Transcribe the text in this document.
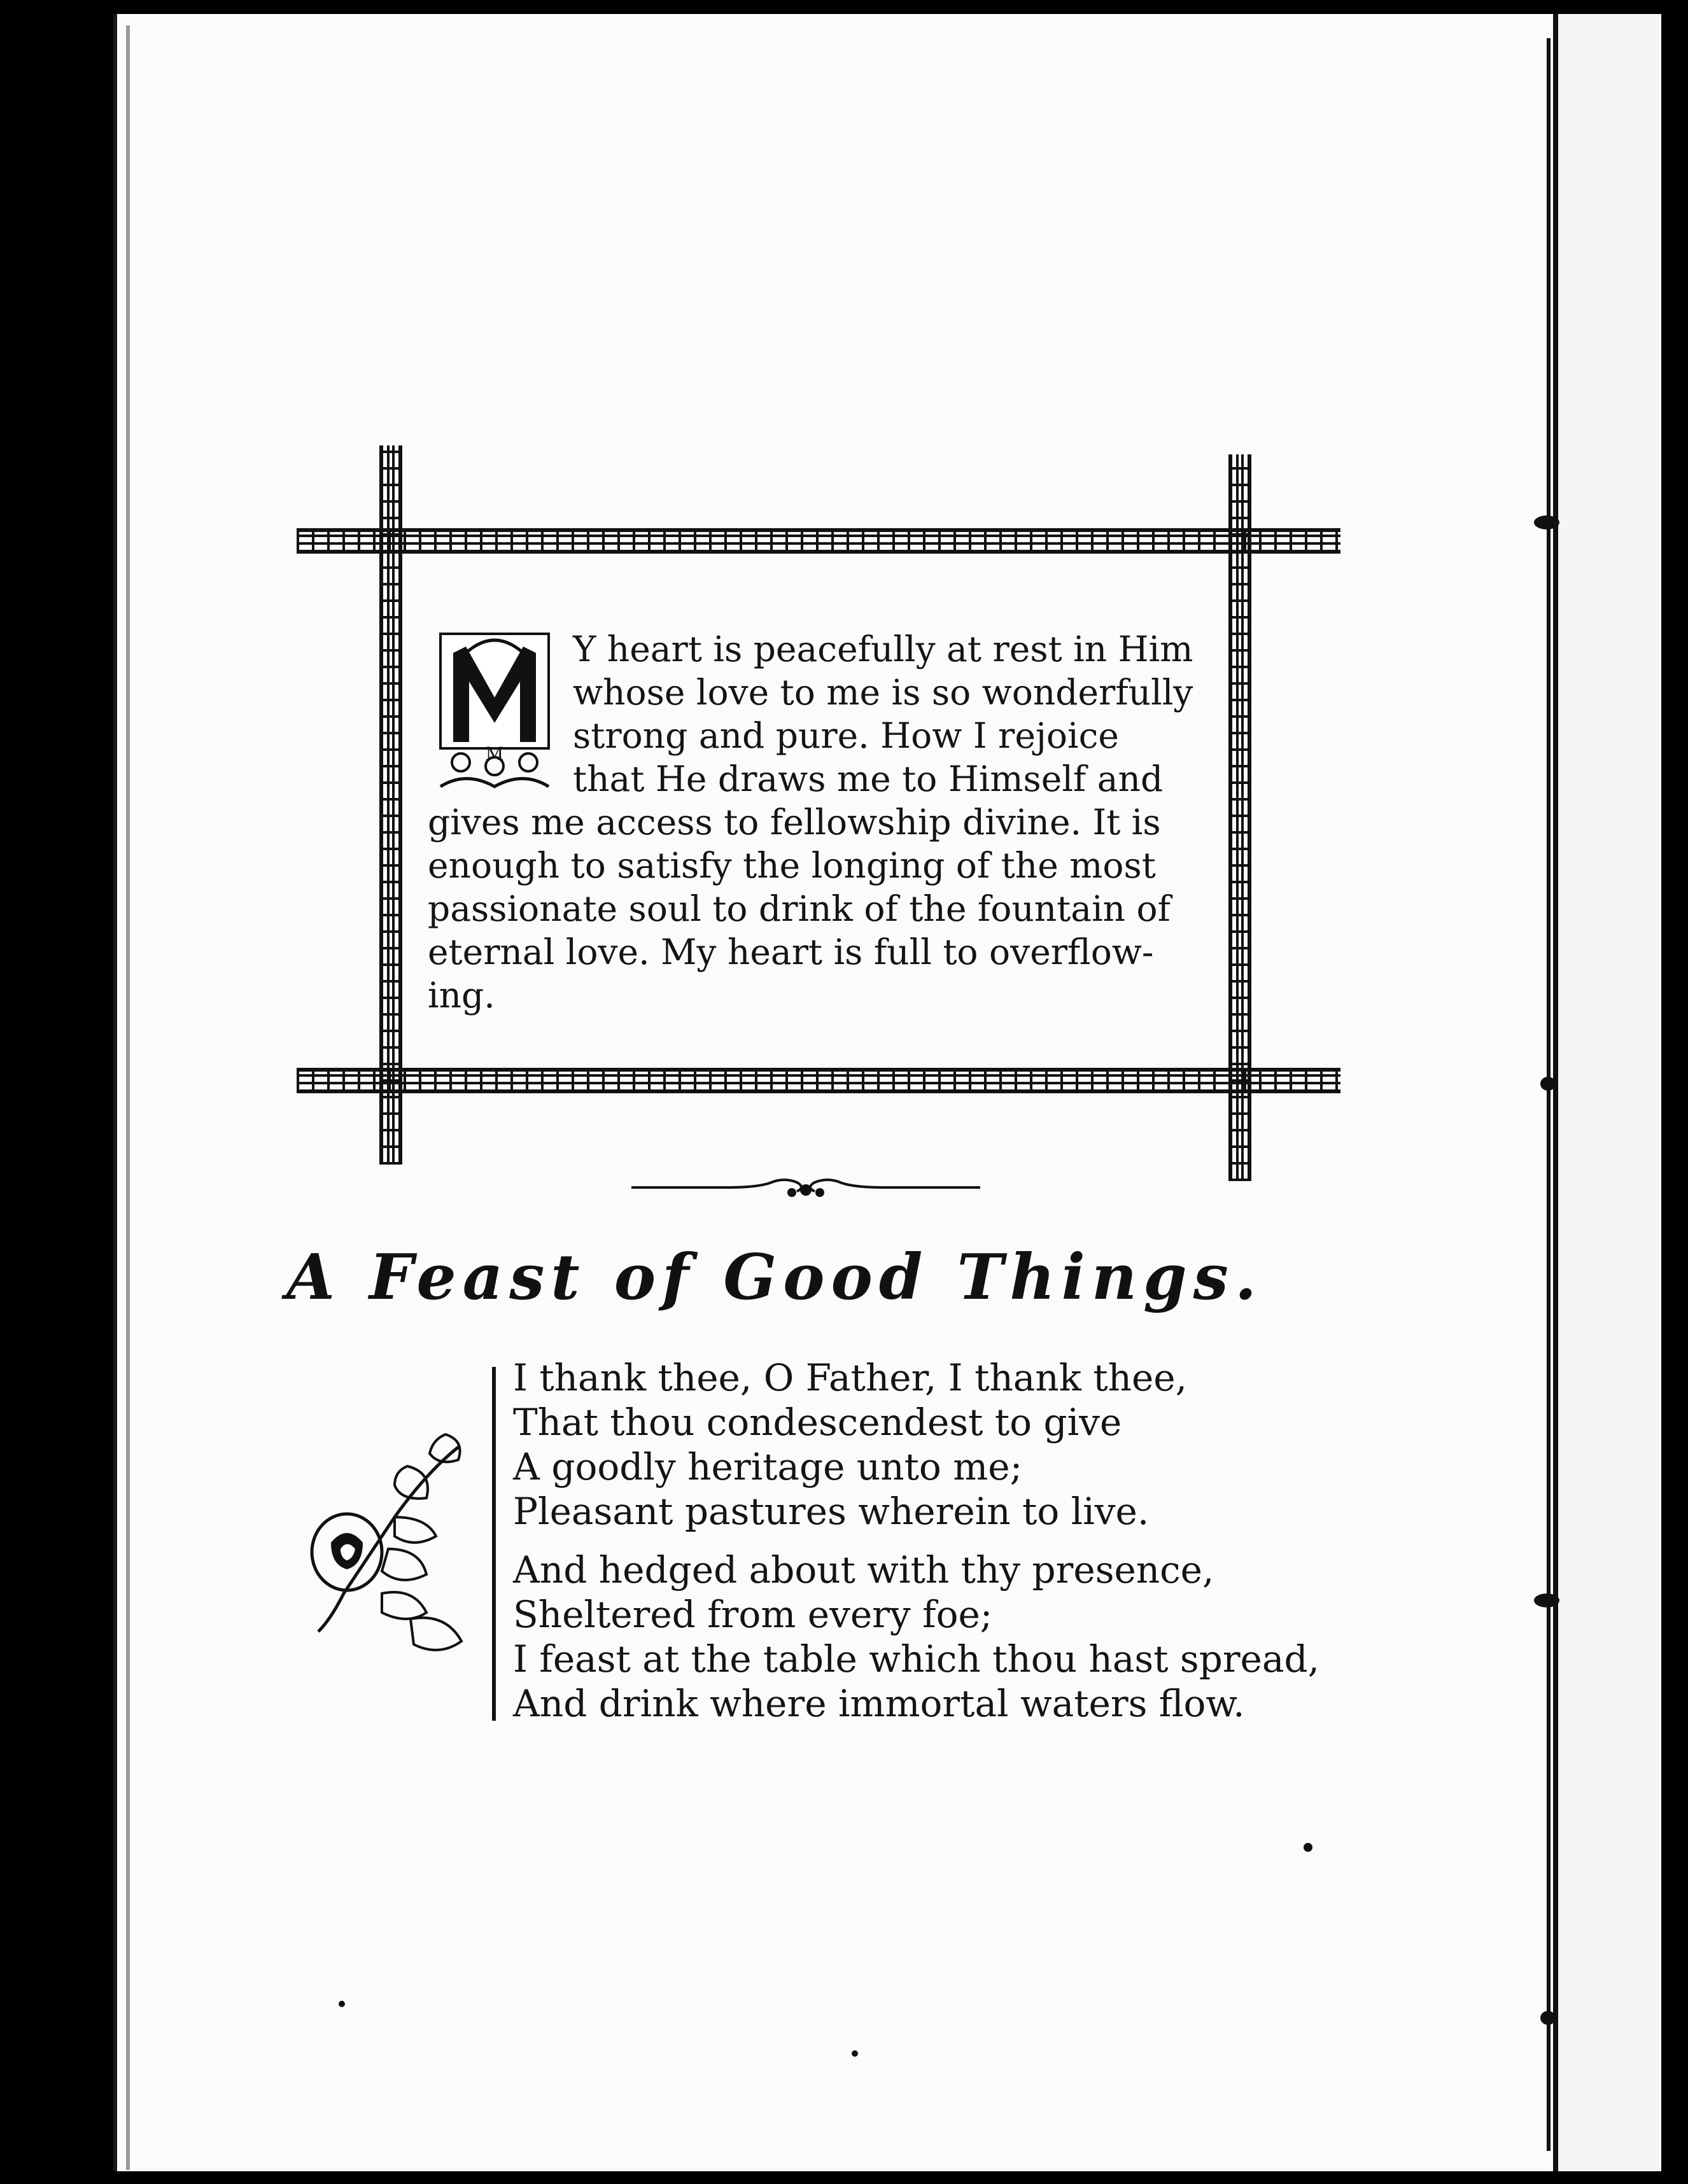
M
Y heart is peacefully at rest in Him
whose love to me is so wonderfully
strong and pure. How I rejoice
that He draws me to Himself and
gives me access to fellowship divine. It is
enough to satisfy the longing of the most
passionate soul to drink of the fountain of
eternal love. My heart is full to overflow-
ing.
A Feast of Good Things.
I thank thee, O Father, I thank thee,
That thou condescendest to give
A goodly heritage unto me;
Pleasant pastures wherein to live.
And hedged about with thy presence,
Sheltered from every foe;
I feast at the table which thou hast spread,
And drink where immortal waters flow.
